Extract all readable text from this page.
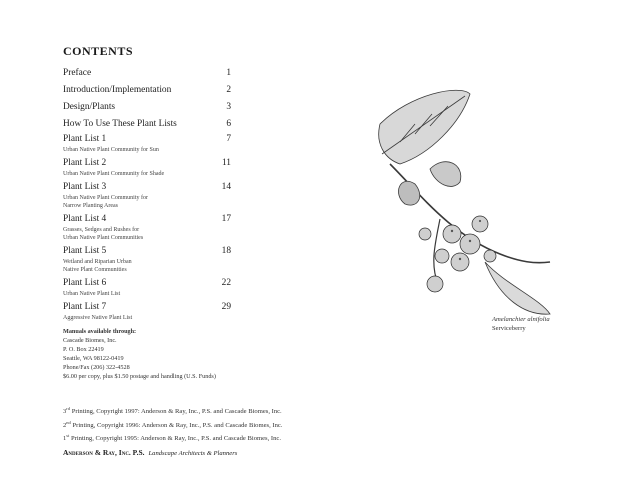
CONTENTS
Preface	1
Introduction/Implementation	2
Design/Plants	3
How To Use These Plant Lists	6
Plant List 1	7
Urban Native Plant Community for Sun
Plant List 2	11
Urban Native Plant Community for Shade
Plant List 3	14
Urban Native Plant Community for
Narrow Planting Areas
Plant List 4	17
Grasses, Sedges and Rushes for
Urban Native Plant Communities
Plant List 5	18
Wetland and Riparian Urban
Native Plant Communities
Plant List 6	22
Urban Native Plant List
Plant List 7	29
Aggressive Native Plant List
Manuals available through:
Cascade Biomes, Inc.
P. O. Box 22419
Seattle, WA 98122-0419
Phone/Fax (206) 322-4528
$6.00 per copy, plus $1.50 postage and handling (U.S. Funds)
3rd Printing, Copyright 1997: Anderson & Ray, Inc., P.S. and Cascade Biomes, Inc.
2nd Printing, Copyright 1996: Anderson & Ray, Inc., P.S. and Cascade Biomes, Inc.
1st Printing, Copyright 1995: Anderson & Ray, Inc., P.S. and Cascade Biomes, Inc.
Anderson & Ray, Inc. P.S. Landscape Architects & Planners
Amelanchier alnifolia
Serviceberry
